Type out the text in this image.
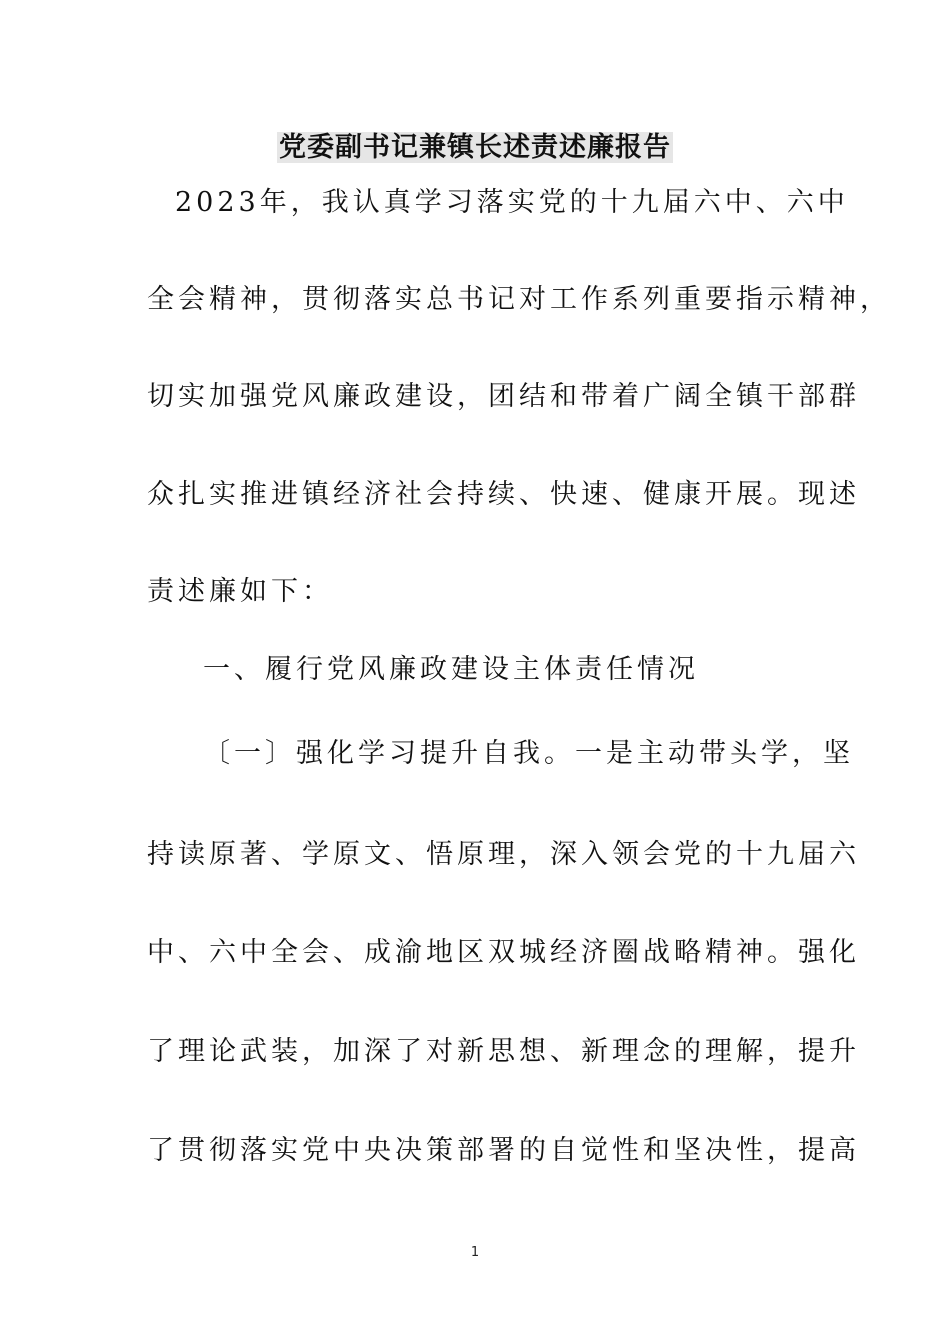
党委副书记兼镇长述责述廉报告
2023年，我认真学习落实党的十九届六中、六中
全会精神，贯彻落实总书记对工作系列重要指示精神，
切实加强党风廉政建设，团结和带着广阔全镇干部群
众扎实推进镇经济社会持续、快速、健康开展。现述
责述廉如下：
一、履行党风廉政建设主体责任情况
〔一〕强化学习提升自我。一是主动带头学，坚
持读原著、学原文、悟原理，深入领会党的十九届六
中、六中全会、成渝地区双城经济圈战略精神。强化
了理论武装，加深了对新思想、新理念的理解，提升
了贯彻落实党中央决策部署的自觉性和坚决性，提高
1
